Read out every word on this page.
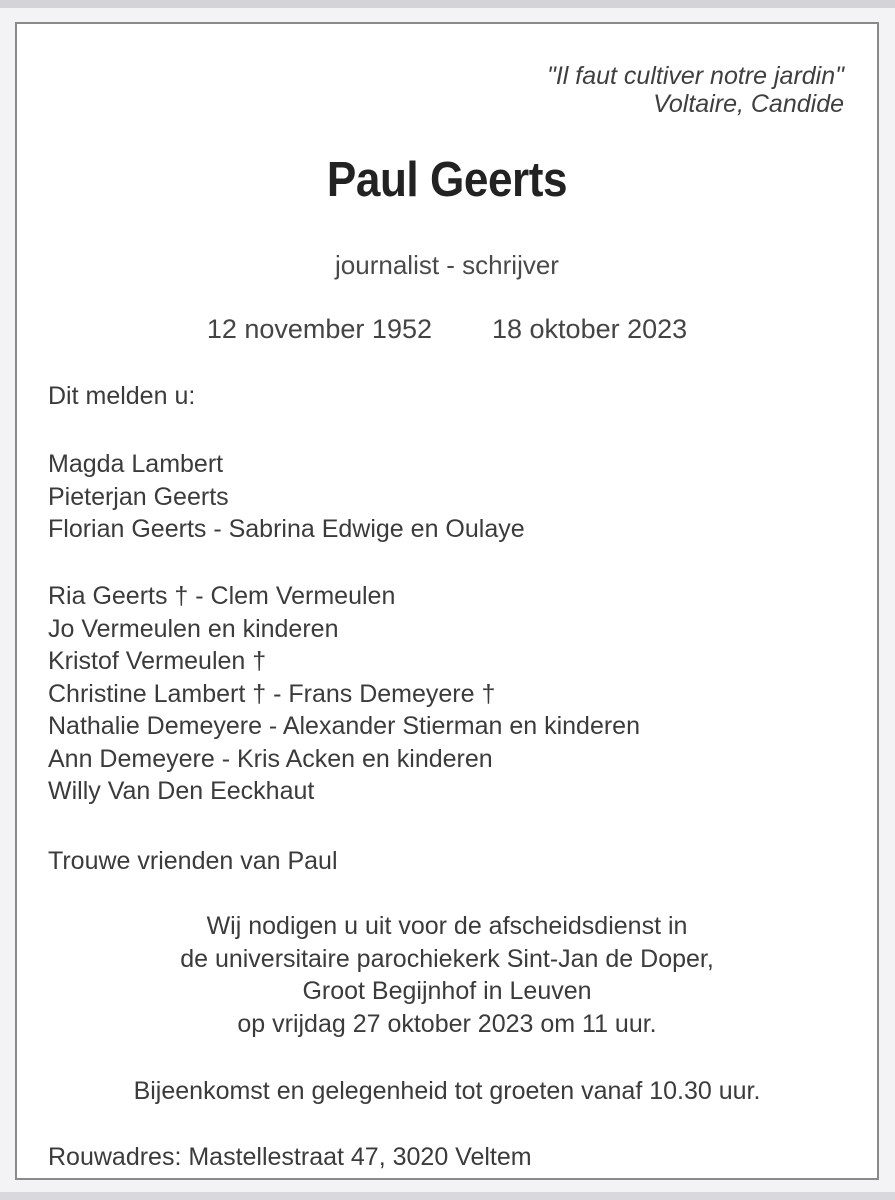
"Il faut cultiver notre jardin"

Voltaire, Candide

Paul Geerts

journalist - schrijver

12 november 1952 18 oktober 2023

Dit melden u:

Magda Lambert
Pieterjan Geerts
Florian Geerts - Sabrina Edwige en Oulaye
Ria Geerts † - Clem Vermeulen
Jo Vermeulen en kinderen
Kristof Vermeulen †
Christine Lambert † - Frans Demeyere †
Nathalie Demeyere - Alexander Stierman en kinderen
Ann Demeyere - Kris Acken en kinderen
Willy Van Den Eeckhaut

Trouwe vrienden van Paul

Wij nodigen u uit voor de afscheidsdienst in
de universitaire parochiekerk Sint-Jan de Doper,
Groot Begijnhof in Leuven
op vrijdag 27 oktober 2023 om 11 uur.

Bijeenkomst en gelegenheid tot groeten vanaf 10.30 uur.

Rouwadres: Mastellestraat 47, 3020 Veltem
